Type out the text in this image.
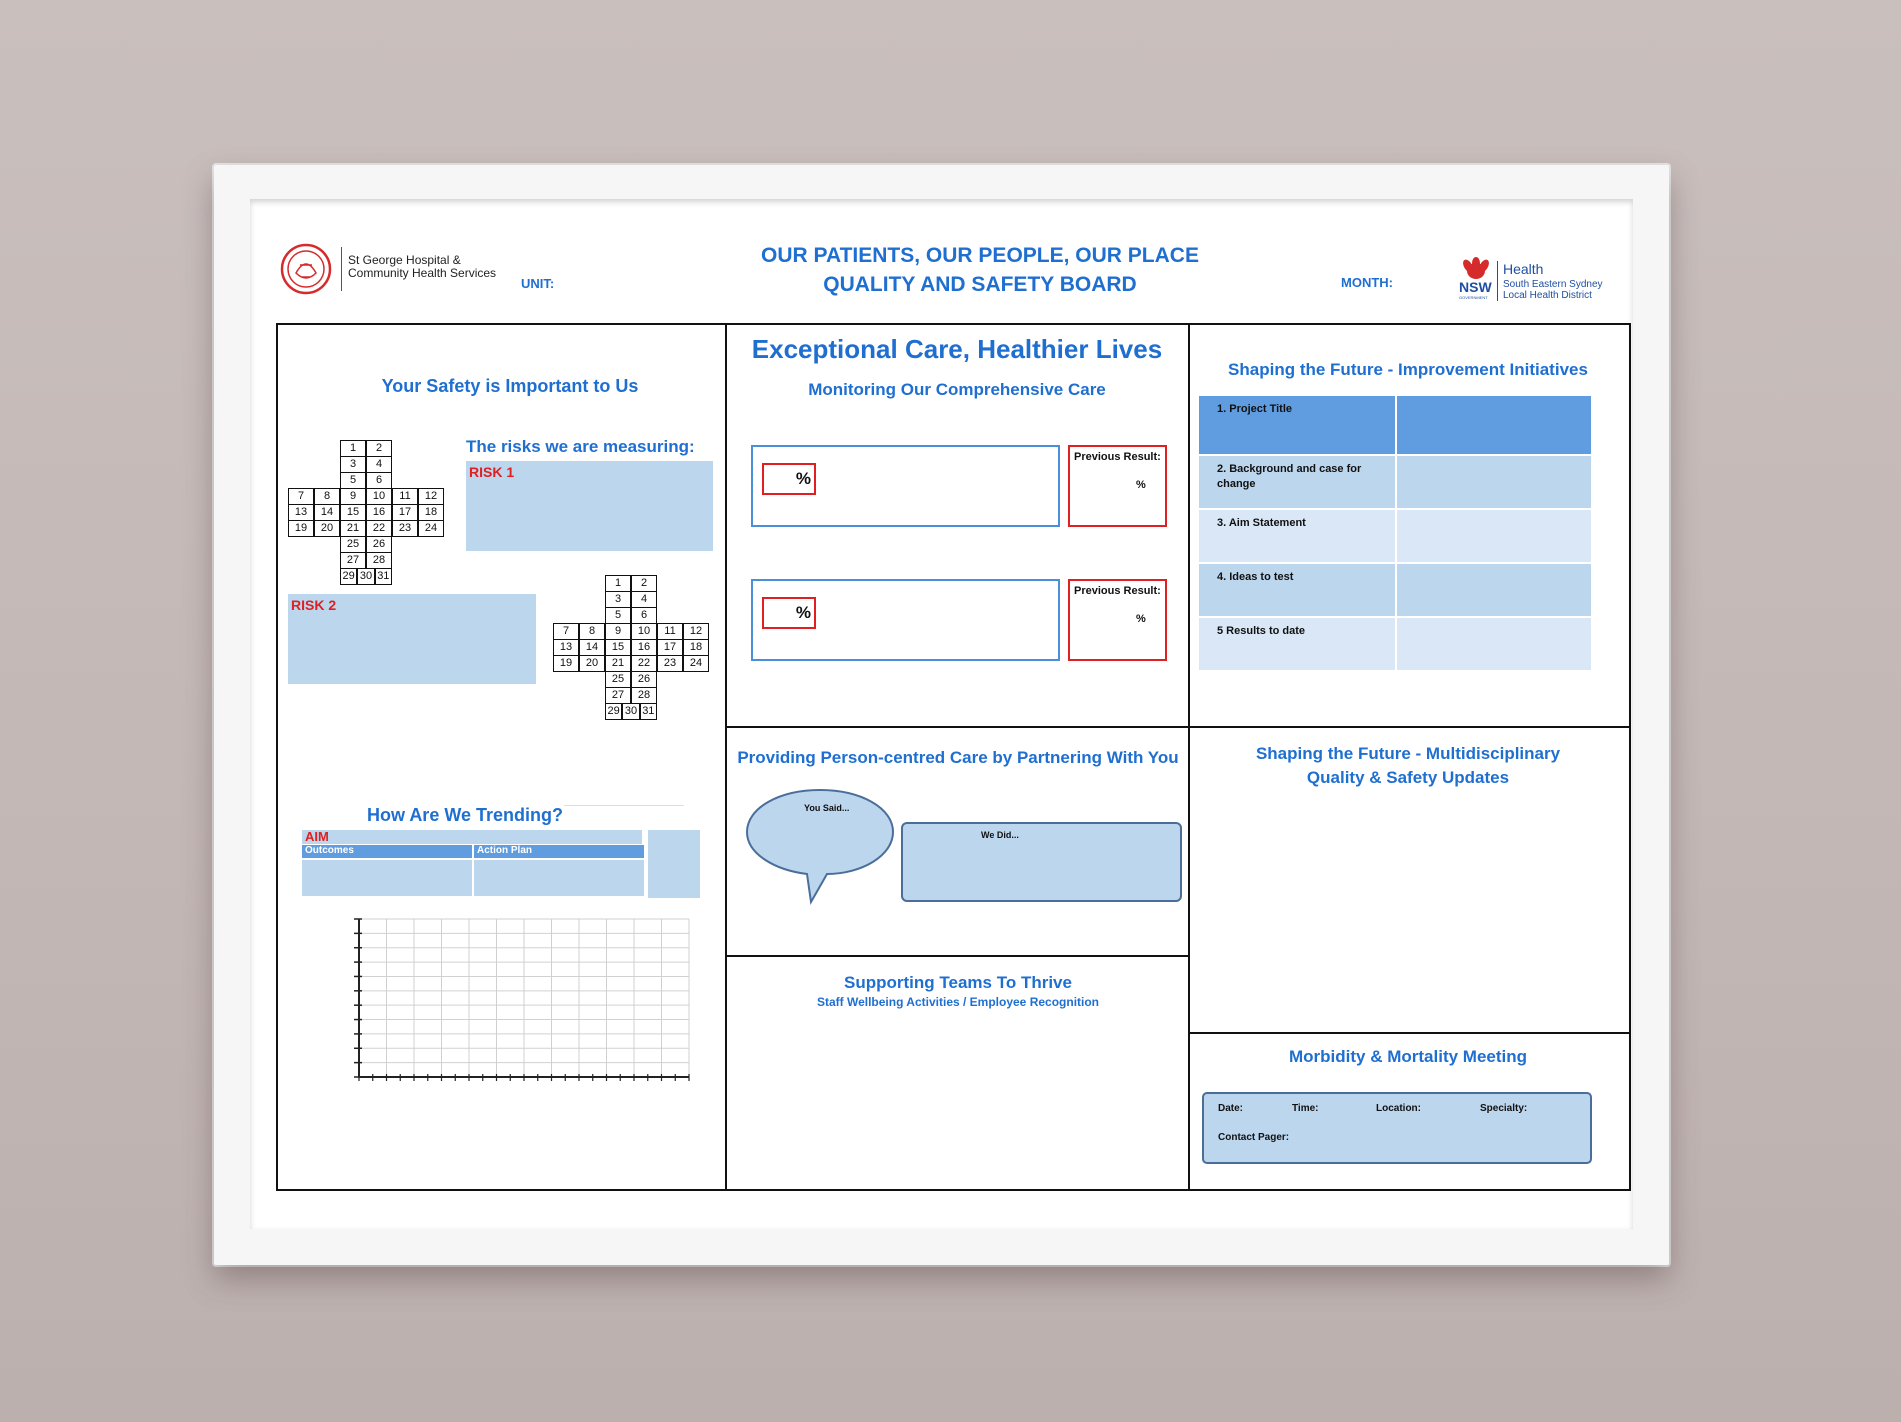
St George Hospital &
Community Health Services
UNIT:
OUR PATIENTS, OUR PEOPLE, OUR PLACE
QUALITY AND SAFETY BOARD	MONTH:	NSW
GOVERNMENT
Health
South Eastern Sydney
Local Health District
Your Safety is Important to Us
The risks we are measuring:
RISK 1
RISK 2
1	2
3	4
5	6
7	8	9	10	11	12
13	14	15	16	17	18
19	20	21	22	23	24
25	26
27	28
29 30 31
1	2
3	4
5	6
7	8	9	10	11	12
13	14	15	16	17	18
19	20	21	22	23	24
25	26
27	28
29 30 31
How Are We Trending?
AIM
Outcomes	Action Plan
Exceptional Care, Healthier Lives
Monitoring Our Comprehensive Care
%
Previous Result:
%
%
Previous Result:
%
Providing Person-centred Care by Partnering With You
You Said...
We Did...
Supporting Teams To Thrive
Staff Wellbeing Activities / Employee Recognition
Shaping the Future - Improvement Initiatives
1. Project Title
2. Background and case for change
3. Aim Statement
4. Ideas to test
5 Results to date
Shaping the Future - Multidisciplinary
Quality & Safety Updates
Morbidity & Mortality Meeting
Date:	Time:	Location:	Specialty:
Contact Pager:
